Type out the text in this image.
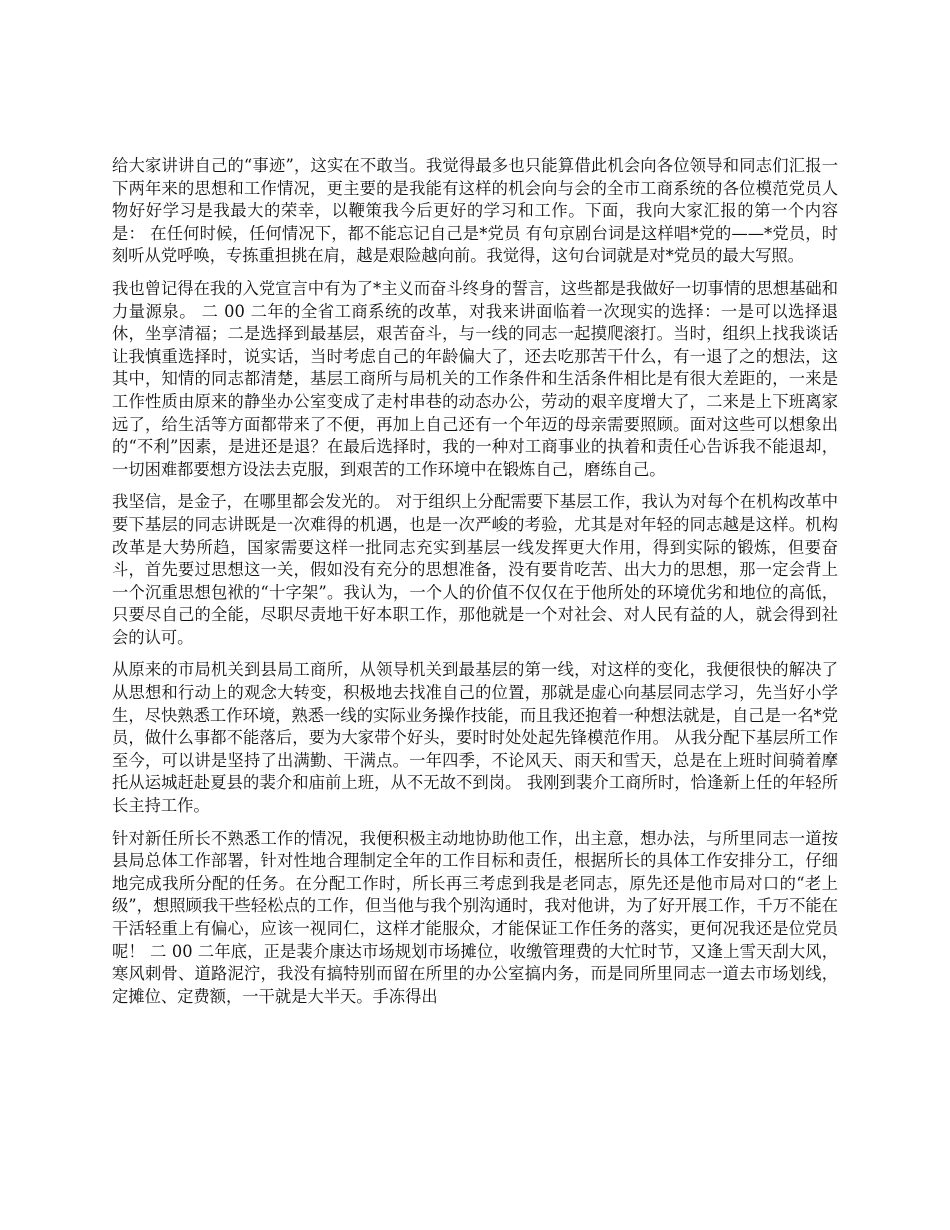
给大家讲讲自己的“事迹”，这实在不敢当。我觉得最多也只能算借此机会向各位领导和同志们汇报一下两年来的思想和工作情况，更主要的是我能有这样的机会向与会的全市工商系统的各位模范党员人物好好学习是我最大的荣幸，以鞭策我今后更好的学习和工作。下面，我向大家汇报的第一个内容是： 在任何时候，任何情况下，都不能忘记自己是*党员 有句京剧台词是这样唱*党的——*党员，时刻听从党呼唤，专拣重担挑在肩，越是艰险越向前。我觉得，这句台词就是对*党员的最大写照。

我也曾记得在我的入党宣言中有为了*主义而奋斗终身的誓言，这些都是我做好一切事情的思想基础和力量源泉。 二 00 二年的全省工商系统的改革，对我来讲面临着一次现实的选择：一是可以选择退休，坐享清福；二是选择到最基层，艰苦奋斗，与一线的同志一起摸爬滚打。当时，组织上找我谈话让我慎重选择时，说实话，当时考虑自己的年龄偏大了，还去吃那苦干什么，有一退了之的想法，这其中，知情的同志都清楚，基层工商所与局机关的工作条件和生活条件相比是有很大差距的，一来是工作性质由原来的静坐办公室变成了走村串巷的动态办公，劳动的艰辛度增大了，二来是上下班离家远了，给生活等方面都带来了不便，再加上自己还有一个年迈的母亲需要照顾。面对这些可以想象出的“不利”因素，是进还是退？在最后选择时，我的一种对工商事业的执着和责任心告诉我不能退却，一切困难都要想方设法去克服，到艰苦的工作环境中在锻炼自己，磨练自己。

我坚信，是金子，在哪里都会发光的。 对于组织上分配需要下基层工作，我认为对每个在机构改革中要下基层的同志讲既是一次难得的机遇，也是一次严峻的考验，尤其是对年轻的同志越是这样。机构改革是大势所趋，国家需要这样一批同志充实到基层一线发挥更大作用，得到实际的锻炼，但要奋斗，首先要过思想这一关，假如没有充分的思想准备，没有要肯吃苦、出大力的思想，那一定会背上一个沉重思想包袱的“十字架”。我认为，一个人的价值不仅仅在于他所处的环境优劣和地位的高低，只要尽自己的全能，尽职尽责地干好本职工作，那他就是一个对社会、对人民有益的人，就会得到社会的认可。

从原来的市局机关到县局工商所，从领导机关到最基层的第一线，对这样的变化，我便很快的解决了从思想和行动上的观念大转变，积极地去找准自己的位置，那就是虚心向基层同志学习，先当好小学生，尽快熟悉工作环境，熟悉一线的实际业务操作技能，而且我还抱着一种想法就是，自己是一名*党员，做什么事都不能落后，要为大家带个好头，要时时处处起先锋模范作用。 从我分配下基层所工作至今，可以讲是坚持了出满勤、干满点。一年四季，不论风天、雨天和雪天，总是在上班时间骑着摩托从运城赶赴夏县的裴介和庙前上班，从不无故不到岗。 我刚到裴介工商所时，恰逢新上任的年轻所长主持工作。

针对新任所长不熟悉工作的情况，我便积极主动地协助他工作，出主意，想办法，与所里同志一道按县局总体工作部署，针对性地合理制定全年的工作目标和责任，根据所长的具体工作安排分工，仔细地完成我所分配的任务。在分配工作时，所长再三考虑到我是老同志，原先还是他市局对口的“老上级”，想照顾我干些轻松点的工作，但当他与我个别沟通时，我对他讲，为了好开展工作，千万不能在干活轻重上有偏心，应该一视同仁，这样才能服众，才能保证工作任务的落实，更何况我还是位党员呢！ 二 00 二年底，正是裴介康达市场规划市场摊位，收缴管理费的大忙时节，又逢上雪天刮大风，寒风刺骨、道路泥泞，我没有搞特别而留在所里的办公室搞内务，而是同所里同志一道去市场划线，定摊位、定费额，一干就是大半天。手冻得出
